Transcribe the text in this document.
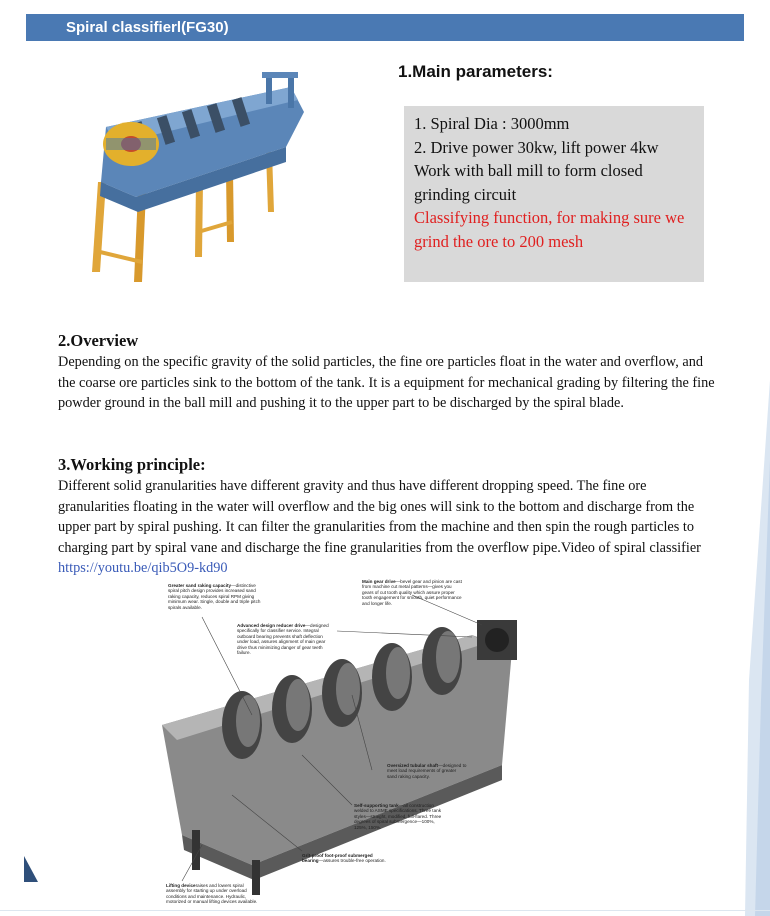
Spiral classifierl(FG30)
1.Main parameters:
1. Spiral Dia : 3000mm
2. Drive power 30kw, lift power 4kw
Work with ball mill to form closed grinding circuit
Classifying function, for making sure we grind the ore to 200 mesh
2.Overview

Depending on the specific gravity of the solid particles, the fine ore particles float in the water and overflow, and the coarse ore particles sink to the bottom of the tank. It is a equipment for mechanical grading by filtering the fine powder ground in the ball mill and pushing it to the upper part to be discharged by the spiral blade.

3.Working principle:

Different solid granularities have different gravity and thus have different dropping speed. The fine ore granularities floating in the water will overflow and the big ones will sink to the bottom and discharge from the upper part by spiral pushing. It can filter the granularities from the machine and then spin the rough particles to charging part by spiral vane and discharge the fine granularities from the overflow pipe.Video of spiral classifier https://youtu.be/qib5O9-kd90

Greater sand raking capacity—distinctive spiral pitch design provides increased sand raking capacity, reduces spiral RPM giving minimum wear. Single, double and triple pitch spirals available.
Main gear drive—bevel gear and pinion are cast from machine cut metal patterns—gives you gears of cut tooth quality which assure proper tooth engagement for smooth, quiet performance and longer life.
Advanced design reducer drive—designed specifically for classifier service. Integral outboard bearing prevents shaft deflection under load, assures alignment of main gear drive thus minimizing danger of gear teeth failure.
Oversized tubular shaft—designed to meet load requirements of greater sand raking capacity.
Self-supporting tank—all construction welded to ASME specifications. Three tank styles—straight, modified, full-flared. Three degrees of spiral submergence—100%, 125%, 150%.
Grit-proof foot-proof submerged bearing—assures trouble-free operation.
Lifting deviceraises and lowers spiral assembly for starting up under overload conditions and maintenance. Hydraulic, motorized or manual lifting devices available.
